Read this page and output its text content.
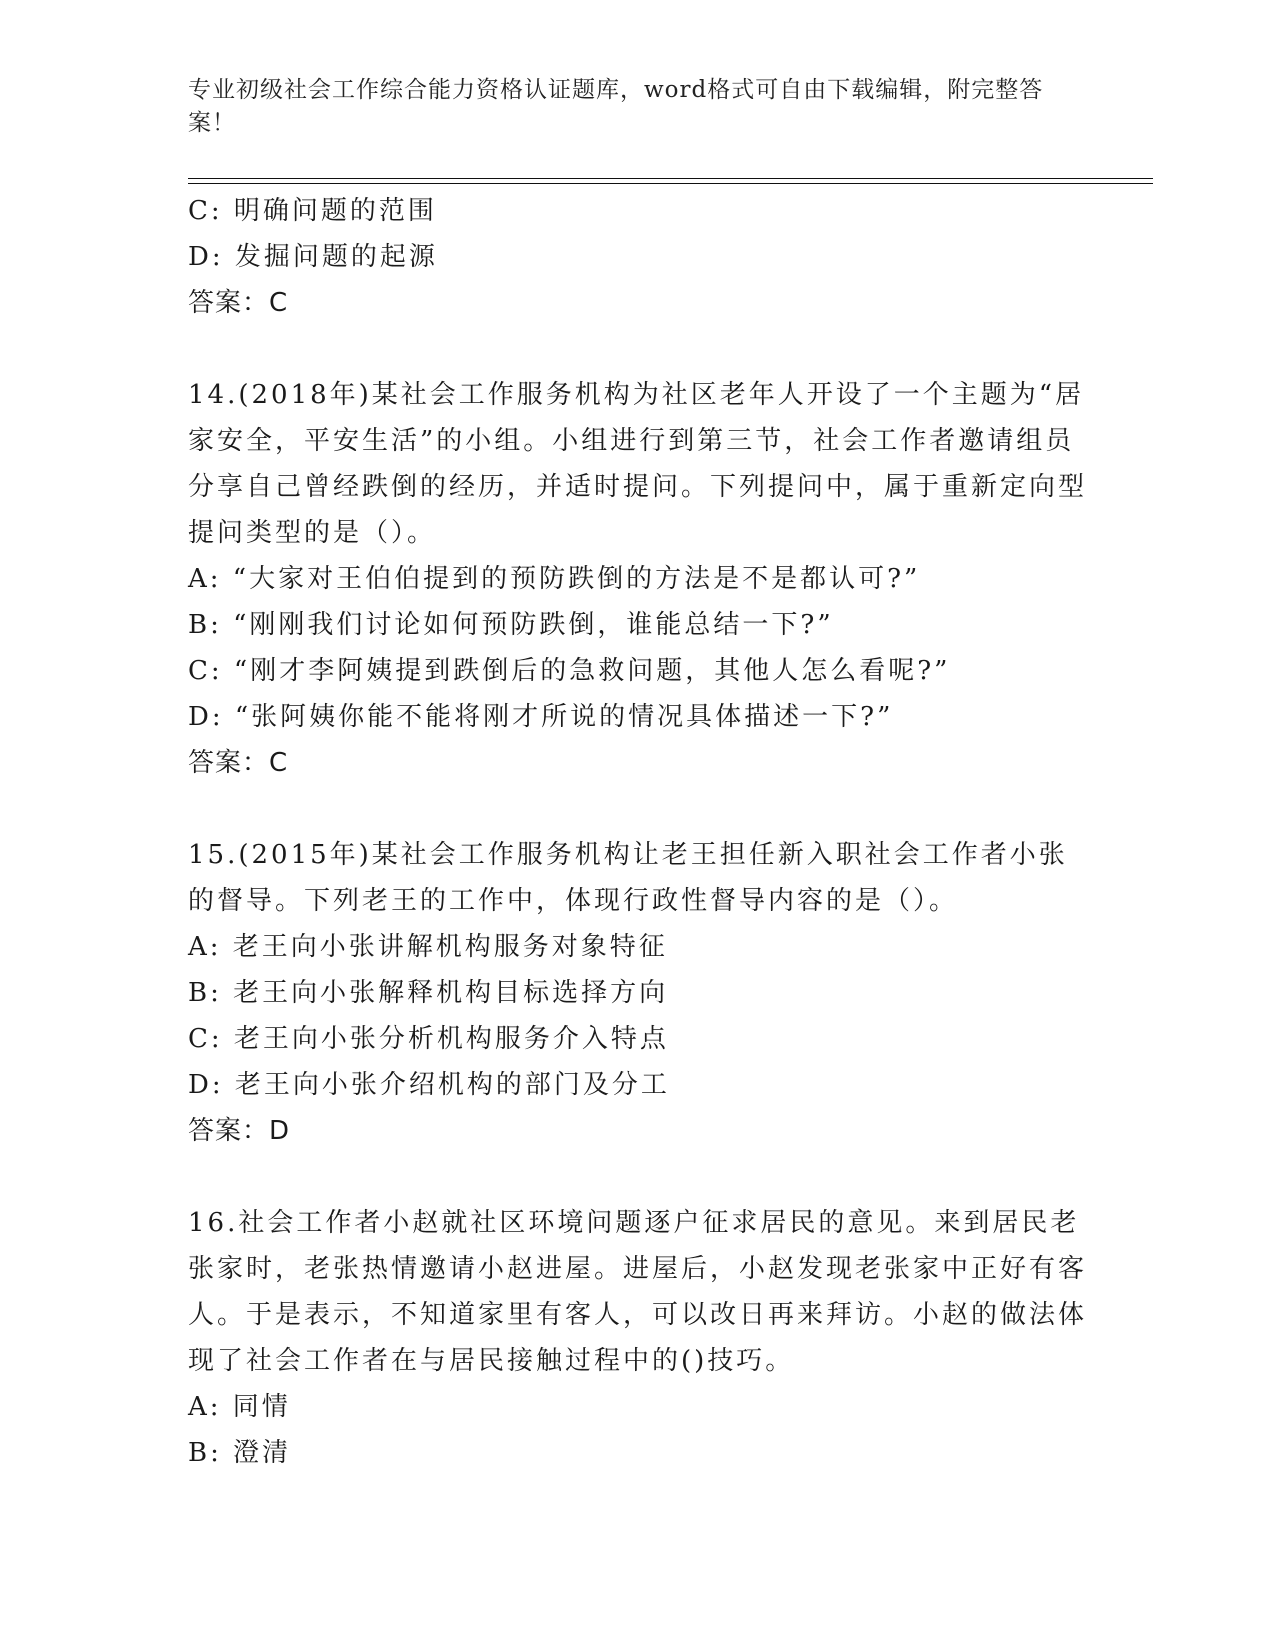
专业初级社会工作综合能力资格认证题库，word格式可自由下载编辑，附完整答案！
C: 明确问题的范围
D: 发掘问题的起源
答案：C
14.(2018年)某社会工作服务机构为社区老年人开设了一个主题为“居家安全，平安生活”的小组。小组进行到第三节，社会工作者邀请组员分享自己曾经跌倒的经历，并适时提问。下列提问中，属于重新定向型提问类型的是（）。
A: “大家对王伯伯提到的预防跌倒的方法是不是都认可?”
B: “刚刚我们讨论如何预防跌倒，谁能总结一下?”
C: “刚才李阿姨提到跌倒后的急救问题，其他人怎么看呢?”
D: “张阿姨你能不能将刚才所说的情况具体描述一下?”
答案：C
15.(2015年)某社会工作服务机构让老王担任新入职社会工作者小张的督导。下列老王的工作中，体现行政性督导内容的是（）。
A: 老王向小张讲解机构服务对象特征
B: 老王向小张解释机构目标选择方向
C: 老王向小张分析机构服务介入特点
D: 老王向小张介绍机构的部门及分工
答案：D
16.社会工作者小赵就社区环境问题逐户征求居民的意见。来到居民老张家时，老张热情邀请小赵进屋。进屋后，小赵发现老张家中正好有客人。于是表示，不知道家里有客人，可以改日再来拜访。小赵的做法体现了社会工作者在与居民接触过程中的()技巧。
A: 同情
B: 澄清
